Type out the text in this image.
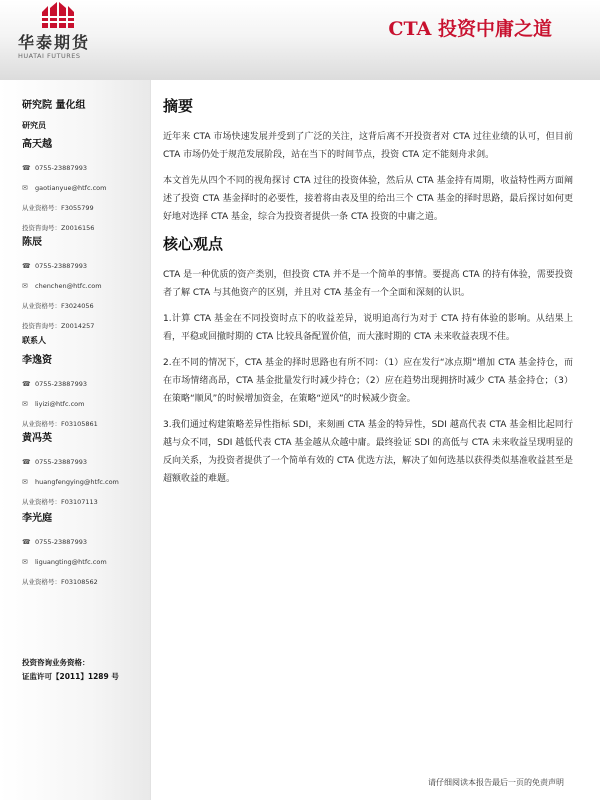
华泰期货
HUATAI FUTURES
CTA 投资中庸之道
研究院 量化组
研究员
高天越
☎ 0755-23887993
✉	gaotianyue@htfc.com
从业资格号：F3055799
投资咨询号：Z0016156
陈辰
☎ 0755-23887993
✉	chenchen@htfc.com
从业资格号：F3024056
投资咨询号：Z0014257
联系人
李逸资
☎ 0755-23887993
✉	liyizi@htfc.com
从业资格号：F03105861
黄冯英
☎ 0755-23887993
✉	huangfengying@htfc.com
从业资格号：F03107113
李光庭
☎ 0755-23887993
✉	liguangting@htfc.com
从业资格号：F03108562
投资咨询业务资格：
证监许可【2011】1289 号
摘要

近年来 CTA 市场快速发展并受到了广泛的关注，这背后离不开投资者对 CTA 过往业绩的认可，但目前 CTA 市场仍处于规范发展阶段，站在当下的时间节点，投资 CTA 定不能刻舟求剑。

本文首先从四个不同的视角探讨 CTA 过往的投资体验，然后从 CTA 基金持有周期，收益特性两方面阐述了投资 CTA 基金择时的必要性，接着将由表及里的给出三个 CTA 基金的择时思路，最后探讨如何更好地对选择 CTA 基金，综合为投资者提供一条 CTA 投资的中庸之道。

核心观点

CTA 是一种优质的资产类别，但投资 CTA 并不是一个简单的事情。要提高 CTA 的持有体验，需要投资者了解 CTA 与其他资产的区别，并且对 CTA 基金有一个全面和深刻的认识。

1.计算 CTA 基金在不同投资时点下的收益差异，说明追高行为对于 CTA 持有体验的影响。从结果上看，平稳或回撤时期的 CTA 比较具备配置价值，而大涨时期的 CTA 未来收益表现不佳。

2.在不同的情况下，CTA 基金的择时思路也有所不同：（1）应在发行“冰点期”增加 CTA 基金持仓，而在市场情绪高昂，CTA 基金批量发行时减少持仓；（2）应在趋势出现拥挤时减少 CTA 基金持仓；（3）在策略“顺风”的时候增加资金，在策略“逆风”的时候减少资金。

3.我们通过构建策略差异性指标 SDI，来刻画 CTA 基金的特异性，SDI 越高代表 CTA 基金相比起同行越与众不同，SDI 越低代表 CTA 基金越从众越中庸。最终验证 SDI 的高低与 CTA 未来收益呈现明显的反向关系，为投资者提供了一个简单有效的 CTA 优选方法，解决了如何选基以获得类似基准收益甚至是超额收益的难题。

请仔细阅读本报告最后一页的免责声明
